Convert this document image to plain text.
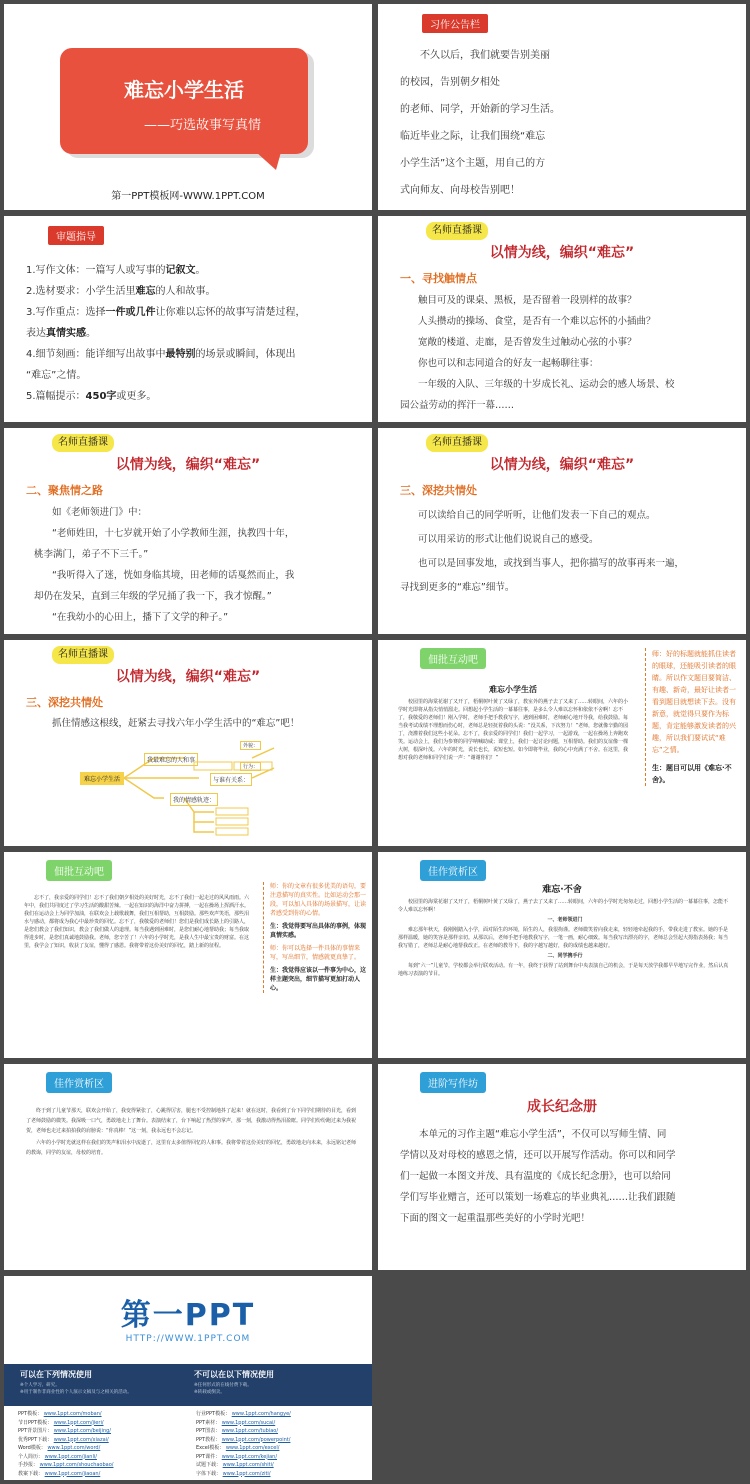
难忘小学生活
——巧选故事写真情
第一PPT模板网-WWW.1PPT.COM
习作公告栏
不久以后，我们就要告别美丽
的校园，告别朝夕相处
的老师、同学，开始新的学习生活。
临近毕业之际，让我们围绕“难忘
小学生活”这个主题，用自己的方
式向师友、向母校告别吧！
审题指导
1.写作文体：一篇写人或写事的记叙文。
2.选材要求：小学生活里难忘的人和故事。
3.写作重点：选择一件或几件让你难以忘怀的故事写清楚过程，
表达真情实感。
4.细节刻画：能详细写出故事中最特别的场景或瞬间，体现出
“难忘”之情。
5.篇幅提示：450字或更多。
名师直播课
以情为线，编织“难忘”
一、寻找触情点
触目可及的课桌、黑板，是否留着一段别样的故事？
人头攒动的操场、食堂，是否有一个难以忘怀的小插曲？
宽敞的楼道、走廊，是否曾发生过触动心弦的小事？
你也可以和志同道合的好友一起畅聊往事：
一年级的入队、三年级的十岁成长礼、运动会的感人场景、校
园公益劳动的挥汗一幕……
名师直播课
以情为线，编织“难忘”
二、聚焦情之路
如《老师领进门》中：
“老师姓田，十七岁就开始了小学教师生涯，执教四十年，
桃李满门，弟子不下三千。”
“我听得入了迷，恍如身临其境，田老师的话戛然而止，我
却仍在发呆，直到三年级的学兄捅了我一下，我才惊醒。”
“在我幼小的心田上，播下了文学的种子。”
名师直播课
以情为线，编织“难忘”
三、深挖共情处
可以读给自己的同学听听，让他们发表一下自己的观点。
可以用采访的形式让他们说说自己的感受。
也可以是回事发地，或找到当事人，把你描写的故事再来一遍，
寻找到更多的“难忘”细节。
名师直播课
以情为线，编织“难忘”
三、深挖共情处
抓住情感这根线，赶紧去寻找六年小学生活中的“难忘”吧！
难忘小学生活
我最难忘的人和事
与谁有关系：
我的情感轨迹：
外貌：
行为：
佃批互动吧
难忘小学生活
校园里的海棠花谢了又开了，梧桐树叶黄了又绿了，教室外的燕子去了又来了……转眼间，六年的小学时光即将从指尖悄悄溜走。回想起小学生活的一幕幕往事，是多么令人难以忘怀和依依不舍啊！忘不了，我敬爱的老师们！刚入学时，老师手把手教我写字，遇到困难时，老师耐心地开导我，给我鼓励。每当我考试成绩不理想而伤心时，老师总是轻抚着我的头说：“没关系，下次努力！”老师，您就像辛勤的园丁，浇灌着我们这些小花朵。忘不了，我亲爱的同学们！我们一起学习，一起游戏，一起在操场上奔跑欢笑。运动会上，我们为参赛的同学呐喊助威；课堂上，我们一起讨论问题，互相帮助。我们的友谊像一棵大树，根深叶茂。六年的时光，说长也长，说短也短。如今即将毕业，我的心中充满了不舍。在这里，我想对我的老师和同学们说一声：“谢谢你们！”
师：好的标题就能抓住读者的眼球，还能吸引读者的眼睛。所以作文题目要简洁、有趣、新奇，最好让读者一看到题目就想读下去。没有新意，就觉得只要作为标题，肯定能够激发读者的兴趣，所以我们要试试“难忘”之情。
生：题目可以用《难忘·不舍》。
佃批互动吧
忘不了，我亲爱的同学们！忘不了我们朝夕相处的美好时光，忘不了我们一起走过的风风雨雨。六年中，我们共同度过了学习生活的酸甜苦辣。一起在知识的海洋中奋力拼搏，一起在操场上挥洒汗水。我们在运动会上为同学加油，在联欢会上载歌载舞，我们互相帮助，互相鼓励。那些欢声笑语，那些泪水与感动，都将成为我心中最珍贵的回忆。忘不了，我敬爱的老师们！您们是我们成长路上的引路人，是您们教会了我们知识，教会了我们做人的道理。每当我遇到困难时，是您们耐心地帮助我；每当我取得进步时，是您们真诚地鼓励我。老师，您辛苦了！六年的小学时光，是我人生中最宝贵的财富。在这里，我学会了知识，收获了友谊，懂得了感恩。我将带着这份美好的回忆，踏上新的征程。
师：你的文章有很多优美的语句，要注意描写的真实性。比如运动会那一段，可以加入具体的场景描写，让读者感受到你的心情。
生：我觉得要写出具体的事例，体现真情实感。
师：你可以选择一件具体的事情来写，写出细节，情感就更真挚了。
生：我觉得应该以一件事为中心，这样主题突出，细节描写更加打动人心。
佳作赏析区
难忘·不舍
校园里的海棠花谢了又开了，梧桐树叶黄了又绿了，燕子去了又来了……转眼间，六年的小学时光匆匆走过，回想小学生活的一幕幕往事，怎能不令人难以忘怀啊！
一、老师领进门
难忘那年秋天，我刚刚踏入小学，面对陌生的环境，陌生的人，我很拘谨。老师微笑着向我走来，轻轻地牵起我的手，带我走进了教室。她的手是那样温暖，她的笑容是那样亲切。从那以后，老师手把手地教我写字，一笔一画，耐心细致。每当我写出漂亮的字，老师总会竖起大拇指表扬我；每当我写错了，老师总是耐心地帮我改正。在老师的教导下，我的字越写越好，我的成绩也越来越好。
二、同学携手行
每到“六一”儿童节，学校都会举行联欢活动。有一年，我终于获得了站到舞台中央表演自己的机会，于是每天放学我都早早地写完作业，然后认真地练习表演的节目。
佳作赏析区
终于到了儿童节那天，联欢会开始了，我变得紧张了，心跳得厉害，腿也不受控制地抖了起来！就在这时，我看到了台下同学们期待的目光，看到了老师鼓励的微笑。我深吸一口气，勇敢地走上了舞台。表演结束了，台下响起了热烈的掌声，那一刻，我激动得热泪盈眶。同学们纷纷跑过来为我祝贺，老师也走过来拍拍我的肩膀说：“你真棒！”这一刻，我永远也不会忘记。
六年的小学时光就这样在我们的笑声和泪水中流逝了，这里有太多值得回忆的人和事。我将带着这份美好的回忆，勇敢地走向未来，永远铭记老师的教诲，同学的友谊，母校的培育。
进阶写作坊
成长纪念册
本单元的习作主题“难忘小学生活”，不仅可以写师生情、同
学情以及对母校的感恩之情，还可以开展写作活动。你可以和同学
们一起做一本图文并茂、具有温度的《成长纪念册》，也可以给同
学们写毕业赠言，还可以策划一场难忘的毕业典礼……让我们跟随
下面的图文一起重温那些美好的小学时光吧！
第一PPT
HTTP://WWW.1PPT.COM
可以在下列情况使用
※个人学习、研究。
※用于制作非商业性的个人演示文稿及与之相关的活动。
不可以在以下情况使用
※任何形式的在线付费下载。
※转载或倒卖。
PPT模板： www.1ppt.com/moban/
节日PPT模板： www.1ppt.com/jieri/
PPT背景图片： www.1ppt.com/beijing/
优秀PPT下载： www.1ppt.com/xiazai/
Word模板： www.1ppt.com/word/
个人简历： www.1ppt.com/jianli/
手抄报： www.1ppt.com/shouchaobao/
教案下载： www.1ppt.com/jiaoan/
行业PPT模板： www.1ppt.com/hangye/
PPT素材： www.1ppt.com/sucai/
PPT图表： www.1ppt.com/tubiao/
PPT教程： www.1ppt.com/powerpoint/
Excel模板： www.1ppt.com/excel/
PPT课件： www.1ppt.com/kejian/
试题下载： www.1ppt.com/shiti/
字体下载： www.1ppt.com/ziti/
